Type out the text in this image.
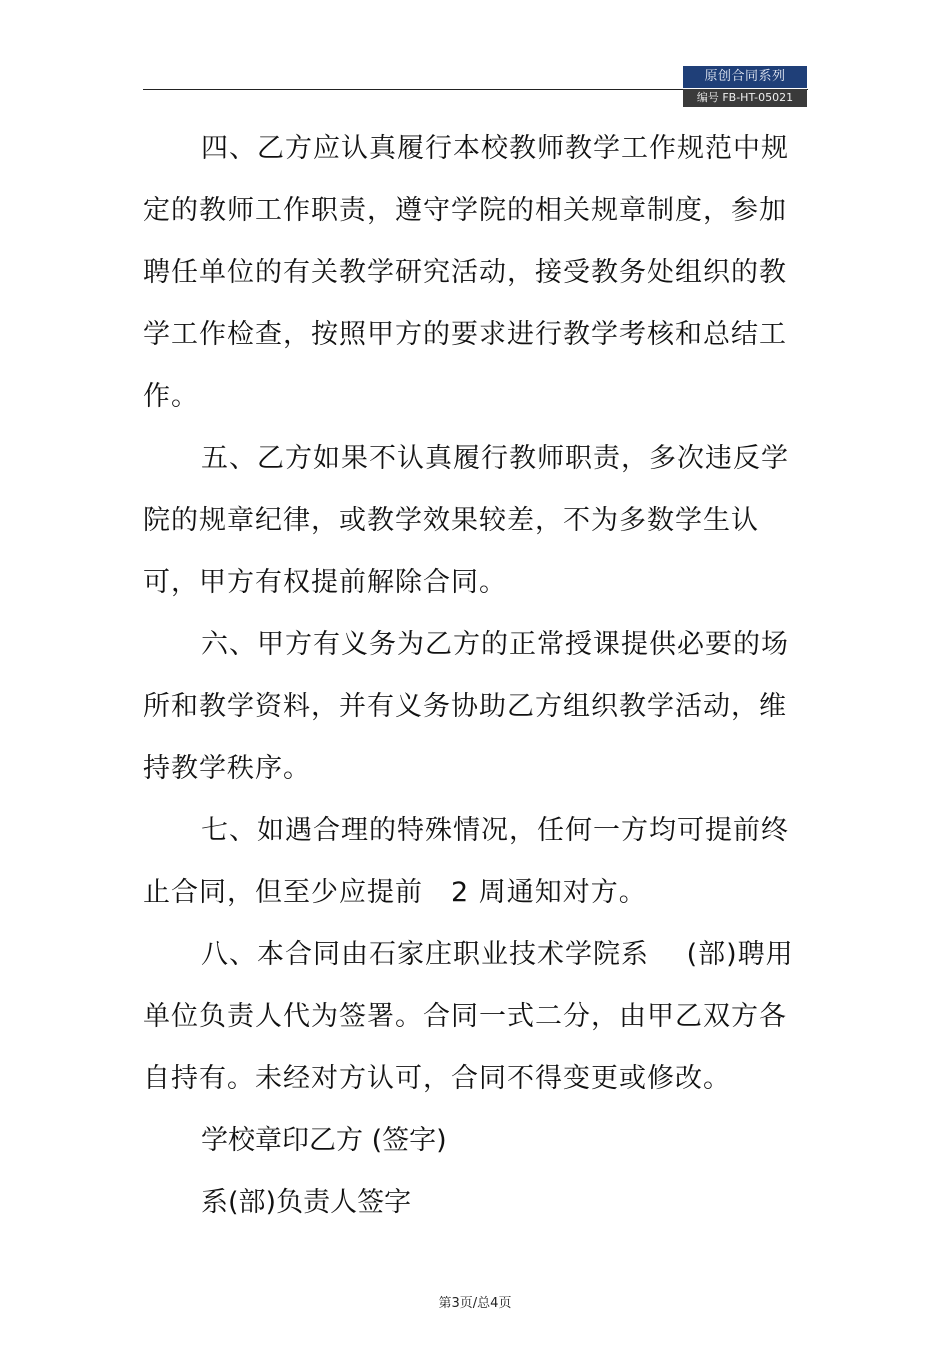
原创合同系列
编号 FB-HT-05021

四、乙方应认真履行本校教师教学工作规范中规定的教师工作职责，遵守学院的相关规章制度，参加聘任单位的有关教学研究活动，接受教务处组织的教学工作检查，按照甲方的要求进行教学考核和总结工作。

五、乙方如果不认真履行教师职责，多次违反学院的规章纪律，或教学效果较差，不为多数学生认可，甲方有权提前解除合同。

六、甲方有义务为乙方的正常授课提供必要的场所和教学资料，并有义务协助乙方组织教学活动，维持教学秩序。

七、如遇合理的特殊情况，任何一方均可提前终止合同，但至少应提前　2 周通知对方。

八、本合同由石家庄职业技术学院系　 (部)聘用单位负责人代为签署。合同一式二分，由甲乙双方各自持有。未经对方认可，合同不得变更或修改。

学校章印乙方 (签字)

系(部)负责人签字

第3页/总4页
